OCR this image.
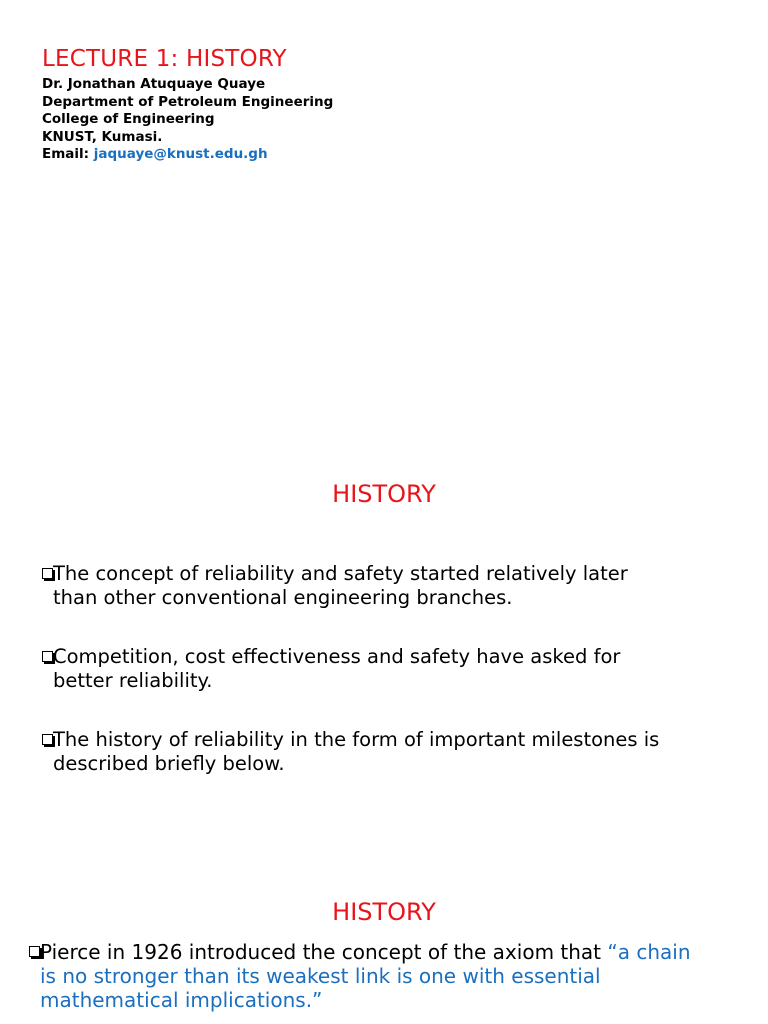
LECTURE 1: HISTORY
Dr. Jonathan Atuquaye Quaye
Department of Petroleum Engineering
College of Engineering
KNUST, Kumasi.
Email: jaquaye@knust.edu.gh
HISTORY
The concept of reliability and safety started relatively later
than other conventional engineering branches.
Competition, cost effectiveness and safety have asked for
better reliability.
The history of reliability in the form of important milestones is
described briefly below.
HISTORY
Pierce in 1926 introduced the concept of the axiom that “a chain
is no stronger than its weakest link is one with essential
mathematical implications.”
